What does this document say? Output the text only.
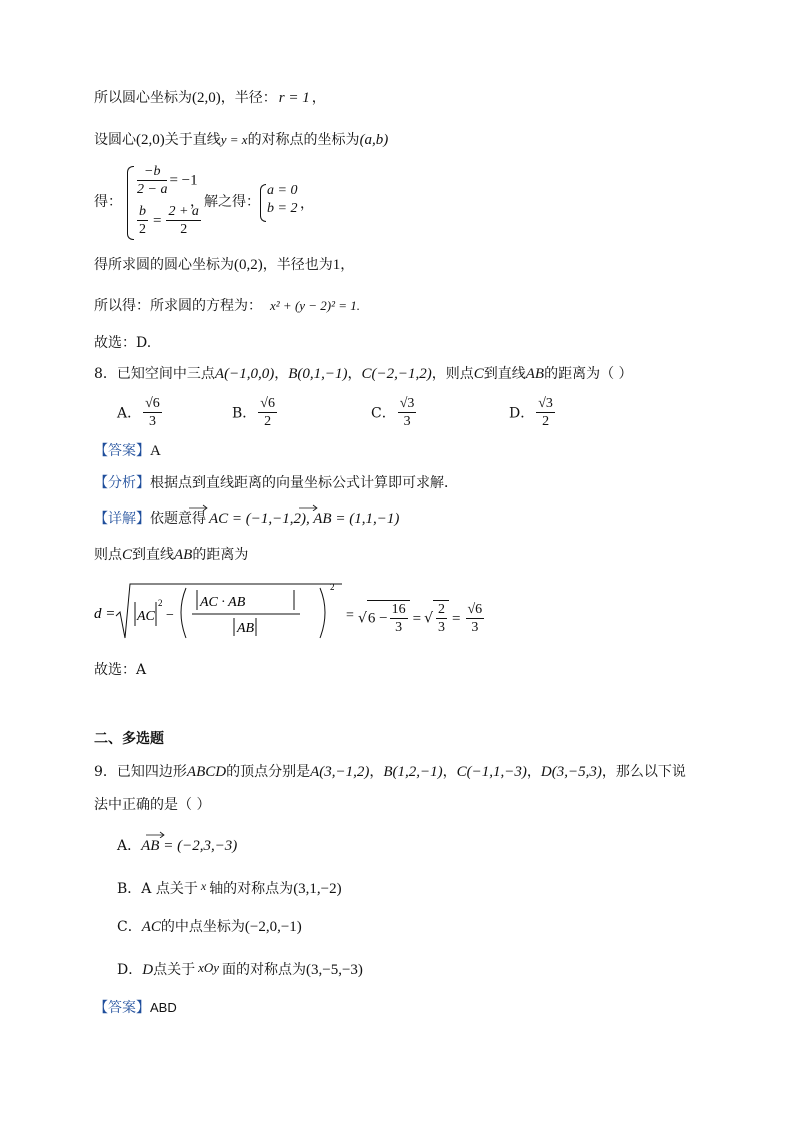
所以圆心坐标为(2,0)，半径： r = 1 ，
设圆心(2,0)关于直线y = x的对称点的坐标为(a,b)
得：
$\frac{-b}{2 - a} = -1$
$\frac{b}{2} = \frac{2 + a}{2}$
，解之得：
a = 0
b = 2 ，
得所求圆的圆心坐标为(0,2)，半径也为1，
所以得：所求圆的方程为： x² + (y − 2)² = 1.
故选：D.
8．已知空间中三点A(−1,0,0)，B(0,1,−1)，C(−2,−1,2)，则点C到直线AB的距离为（ ）
A． $\frac{√6}{3}$	B． $\frac{√6}{2}$	C． $\frac{√3}{3}$	D． $\frac{√3}{2}$
【答案】A
【分析】根据点到直线距离的向量坐标公式计算即可求解．
【详解】依题意得 AC = (−1,−1,2), AB = (1,1,−1)
则点C到直线AB的距离为
d = AC
2
−
AC · AB
AB
2
= $√6 - \frac{16}{3}$ = √ $\frac{2}{3} = \frac{√6}{3}$
故选：A
二、多选题
9．已知四边形ABCD的顶点分别是A(3,−1,2)，B(1,2,−1)，C(−1,1,−3)，D(3,−5,3)，那么以下说
法中正确的是（ ）
A．AB = (−2,3,−3)
B．A 点关于 x 轴的对称点为(3,1,−2)
C．AC的中点坐标为(−2,0,−1)
D．D点关于 xOy 面的对称点为(3,−5,−3)
【答案】ABD
